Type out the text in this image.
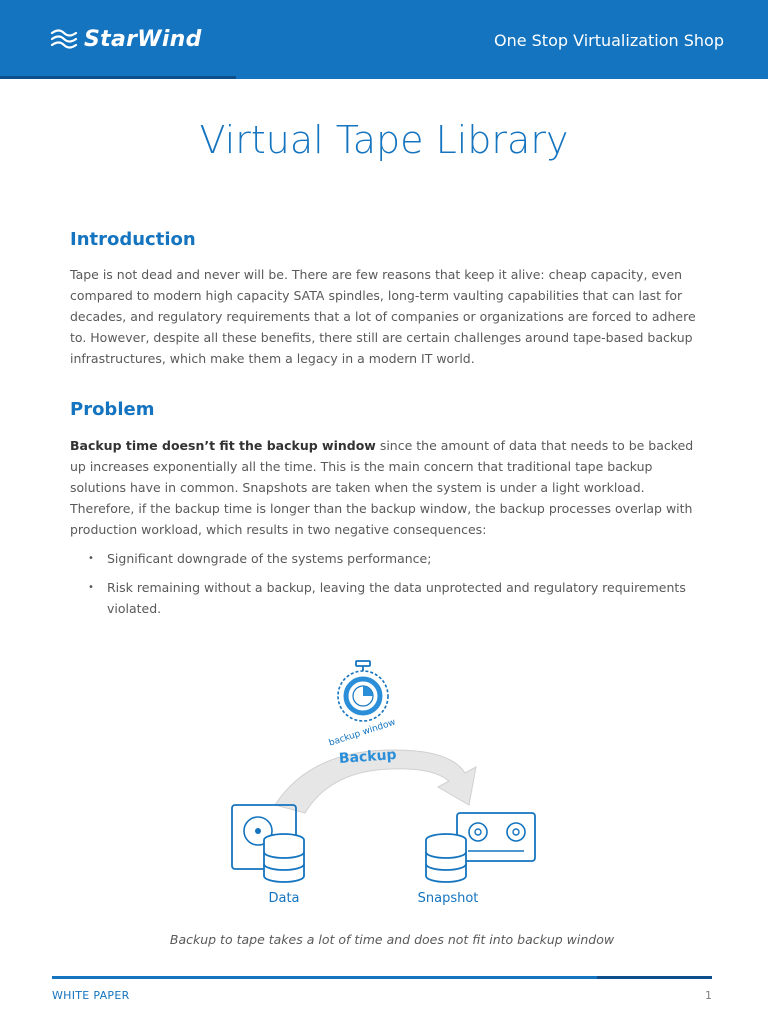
StarWind	One Stop Virtualization Shop
Virtual Tape Library
Introduction

Tape is not dead and never will be. There are few reasons that keep it alive: cheap capacity, even compared to modern high capacity SATA spindles, long-term vaulting capabilities that can last for decades, and regulatory requirements that a lot of companies or organizations are forced to adhere to. However, despite all these benefits, there still are certain challenges around tape-based backup infrastructures, which make them a legacy in a modern IT world.

Problem

Backup time doesn’t fit the backup window since the amount of data that needs to be backed up increases exponentially all the time. This is the main concern that traditional tape backup solutions have in common. Snapshots are taken when the system is under a light workload. Therefore, if the backup time is longer than the backup window, the backup processes overlap with production workload, which results in two negative consequences:

• Significant downgrade of the systems performance;
• Risk remaining without a backup, leaving the data unprotected and regulatory requirements violated.
backup window
Backup
Data	Snapshot

Backup to tape takes a lot of time and does not fit into backup window

WHITE PAPER	1
